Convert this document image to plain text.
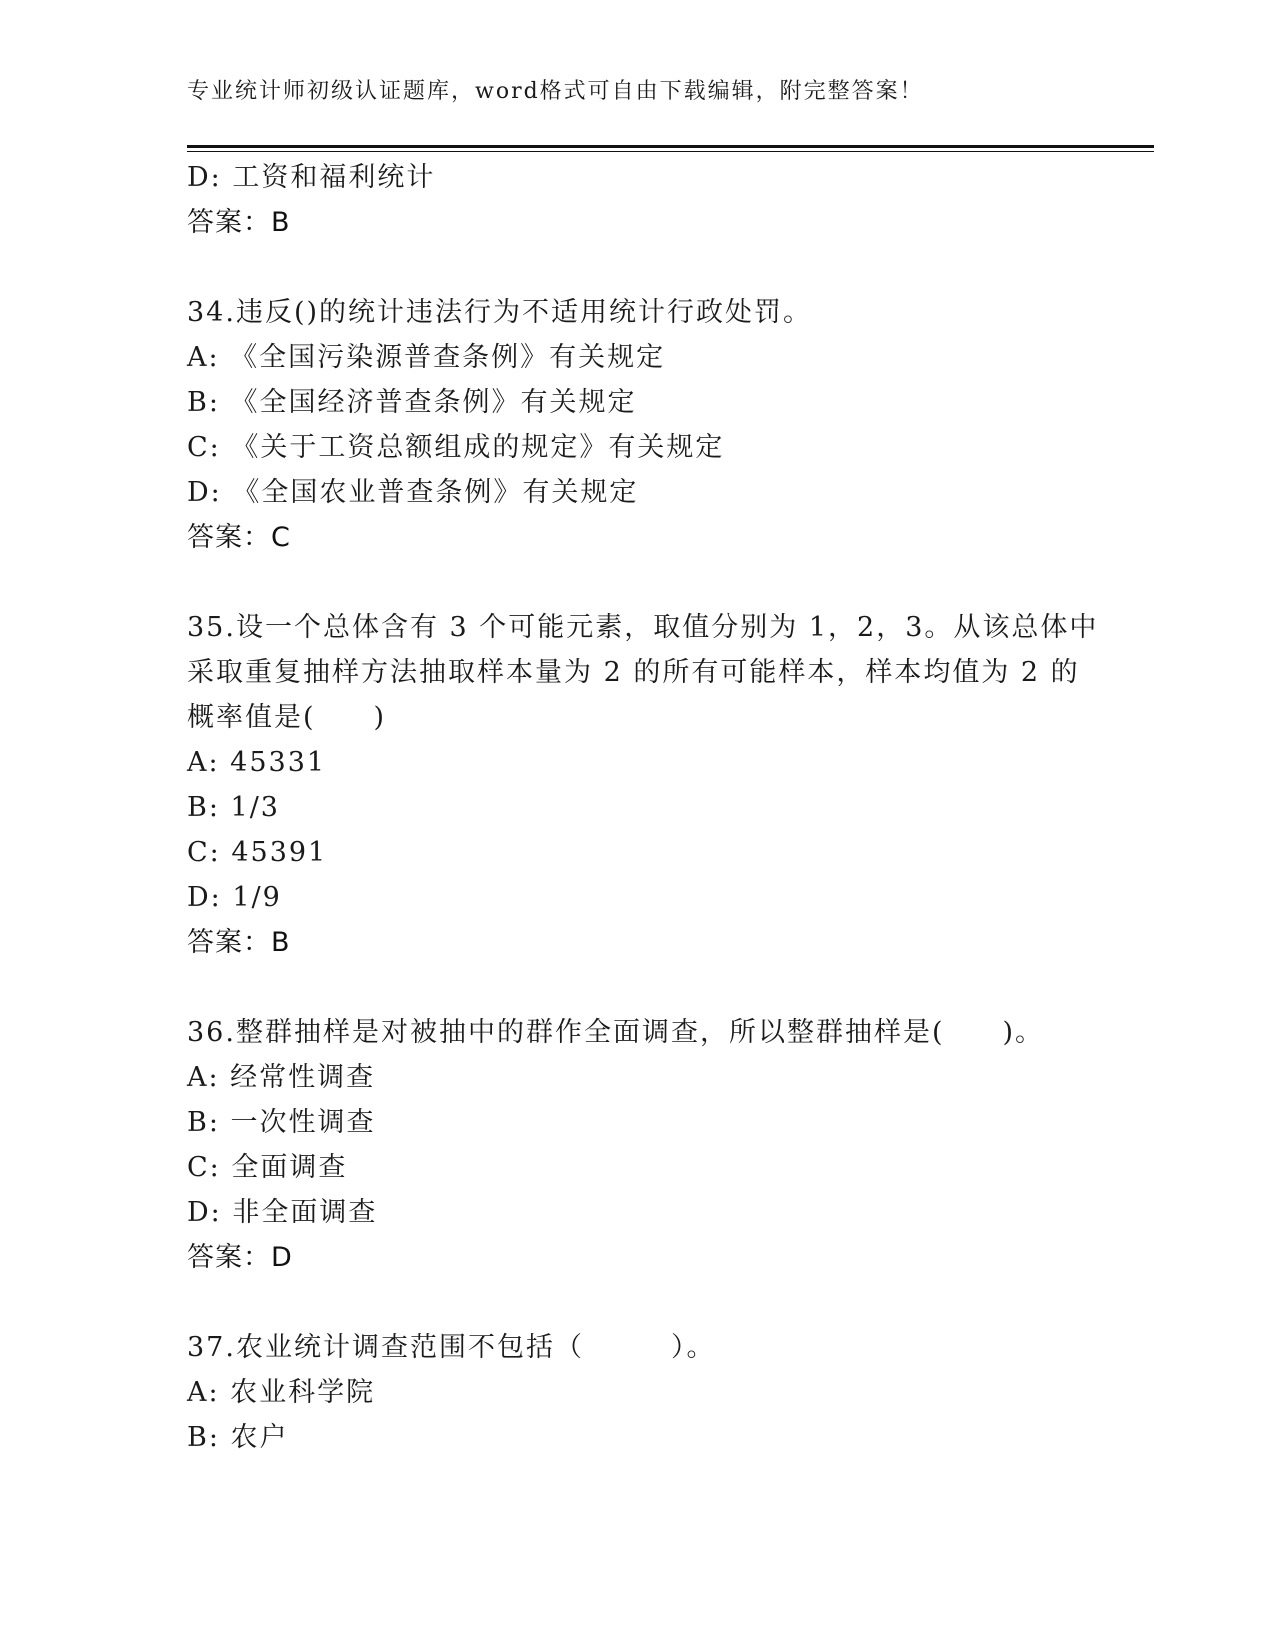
专业统计师初级认证题库，word格式可自由下载编辑，附完整答案！
D: 工资和福利统计
答案：B
34.违反()的统计违法行为不适用统计行政处罚。
A: 《全国污染源普查条例》有关规定
B: 《全国经济普查条例》有关规定
C: 《关于工资总额组成的规定》有关规定
D: 《全国农业普查条例》有关规定
答案：C
35.设一个总体含有 3 个可能元素，取值分别为 1，2，3。从该总体中
采取重复抽样方法抽取样本量为 2 的所有可能样本，样本均值为 2 的
概率值是(　　)
A: 45331
B: 1/3
C: 45391
D: 1/9
答案：B
36.整群抽样是对被抽中的群作全面调查，所以整群抽样是(　　)。
A: 经常性调查
B: 一次性调查
C: 全面调查
D: 非全面调查
答案：D
37.农业统计调查范围不包括（　　　）。
A: 农业科学院
B: 农户
